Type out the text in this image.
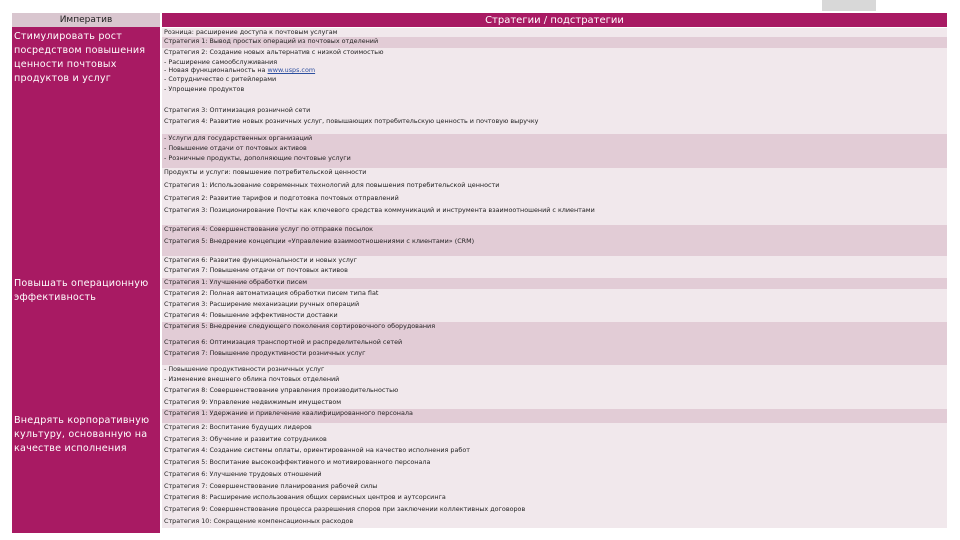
Императив
Стимулировать рост посредством повышения ценности почтовых продуктов и услуг
Повышать операционную эффективность
Внедрять корпоративную культуру, основанную на качестве исполнения
Стратегии / подстратегии
Розница: расширение доступа к почтовым услугам
Стратегия 1: Вывод простых операций из почтовых отделений
Стратегия 2: Создание новых альтернатив с низкой стоимостью
- Расширение самообслуживания
- Новая функциональность на www.usps.com
- Сотрудничество с ритейлерами
- Упрощение продуктов
Стратегия 3: Оптимизация розничной сети
Стратегия 4: Развитие новых розничных услуг, повышающих потребительскую ценность и почтовую выручку
- Услуги для государственных организаций
- Повышение отдачи от почтовых активов
- Розничные продукты, дополняющие почтовые услуги
Продукты и услуги: повышение потребительской ценности
Стратегия 1: Использование современных технологий для повышения потребительской ценности
Стратегия 2: Развитие тарифов и подготовка почтовых отправлений
Стратегия 3: Позиционирование Почты как ключевого средства коммуникаций и инструмента взаимоотношений с клиентами
Стратегия 4: Совершенствование услуг по отправке посылок
Стратегия 5: Внедрение концепции «Управление взаимоотношениями с клиентами» (CRM)
Стратегия 6: Развитие функциональности и новых услуг
Стратегия 7: Повышение отдачи от почтовых активов
Стратегия 1: Улучшение обработки писем
Стратегия 2: Полная автоматизация обработки писем типа flat
Стратегия 3: Расширение механизации ручных операций
Стратегия 4: Повышение эффективности доставки
Стратегия 5: Внедрение следующего поколения сортировочного оборудования
Стратегия 6: Оптимизация транспортной и распределительной сетей
Стратегия 7: Повышение продуктивности розничных услуг
- Повышение продуктивности розничных услуг
- Изменение внешнего облика почтовых отделений
Стратегия 8: Совершенствование управления производительностью
Стратегия 9: Управление недвижимым имуществом
Стратегия 1: Удержание и привлечение квалифицированного персонала
Стратегия 2: Воспитание будущих лидеров
Стратегия 3: Обучение и развитие сотрудников
Стратегия 4: Создание системы оплаты, ориентированной на качество исполнения работ
Стратегия 5: Воспитание высокоэффективного и мотивированного персонала
Стратегия 6: Улучшение трудовых отношений
Стратегия 7: Совершенствование планирования рабочей силы
Стратегия 8: Расширение использования общих сервисных центров и аутсорсинга
Стратегия 9: Совершенствование процесса разрешения споров при заключении коллективных договоров
Стратегия 10: Сокращение компенсационных расходов
